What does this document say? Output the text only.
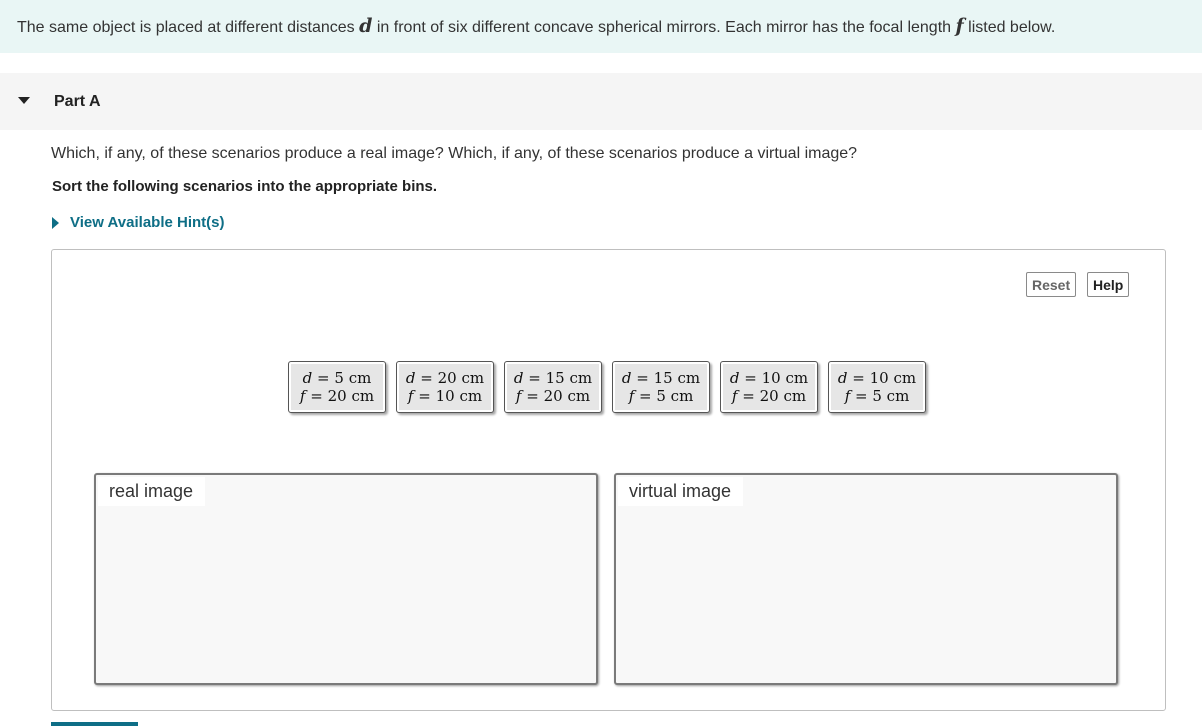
The same object is placed at different distances d in front of six different concave spherical mirrors. Each mirror has the focal length f listed below.
Part A
Which, if any, of these scenarios produce a real image? Which, if any, of these scenarios produce a virtual image?
Sort the following scenarios into the appropriate bins.
View Available Hint(s)
Reset	Help
d = 5 cm
f = 20 cm
d = 20 cm
f = 10 cm
d = 15 cm
f = 20 cm
d = 15 cm
f = 5 cm
d = 10 cm
f = 20 cm
d = 10 cm
f = 5 cm
real image	virtual image
